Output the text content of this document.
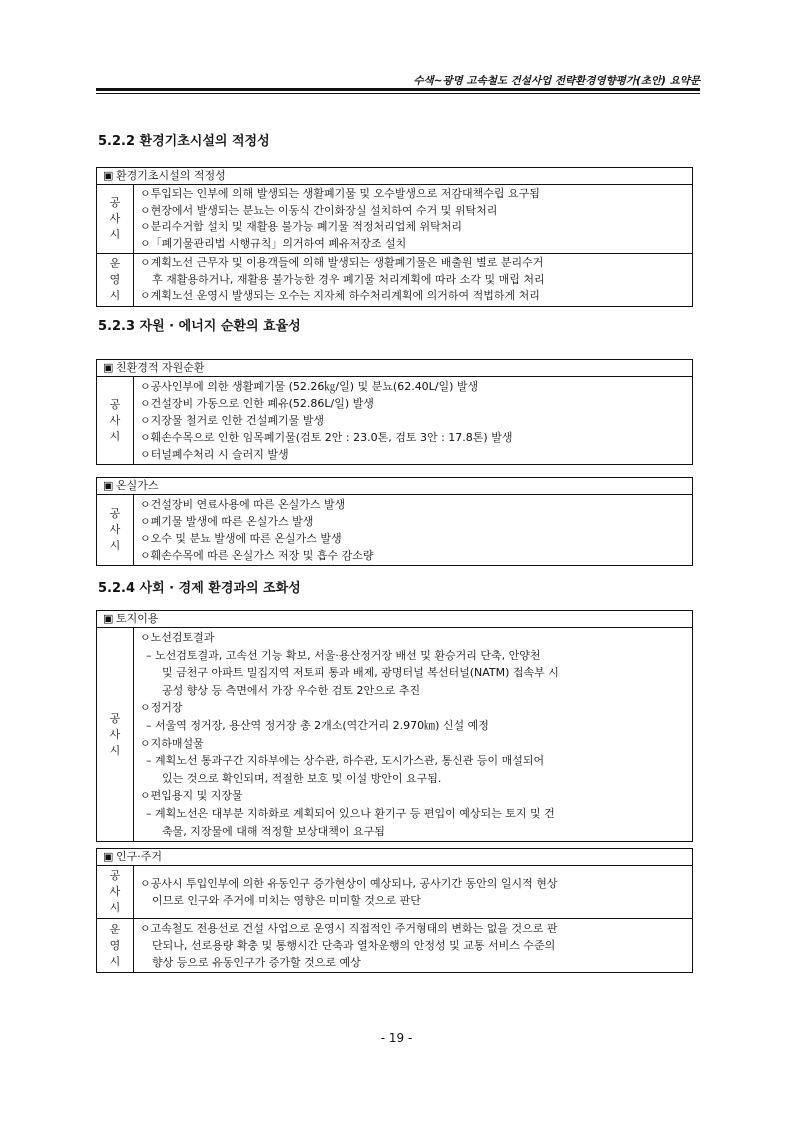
수색~광명 고속철도 건설사업 전략환경영향평가(초안) 요약문
5.2.2 환경기초시설의 적정성
▣ 환경기초시설의 적정성
공사시
ㅇ투입되는 인부에 의해 발생되는 생활폐기물 및 오수발생으로 저감대책수립 요구됨
ㅇ현장에서 발생되는 분뇨는 이동식 간이화장실 설치하여 수거 및 위탁처리
ㅇ분리수거함 설치 및 재활용 불가능 폐기물 적정처리업체 위탁처리
ㅇ「폐기물관리법 시행규칙」의거하여 폐유저장조 설치
운영시
ㅇ계획노선 근무자 및 이용객들에 의해 발생되는 생활폐기물은 배출원 별로 분리수거
후 재활용하거나, 재활용 불가능한 경우 폐기물 처리계획에 따라 소각 및 매립 처리
ㅇ계획노선 운영시 발생되는 오수는 지자체 하수처리계획에 의거하여 적법하게 처리
5.2.3 자원 · 에너지 순환의 효율성
▣ 친환경적 자원순환
공사시
ㅇ공사인부에 의한 생활폐기물 (52.26㎏/일) 및 분뇨(62.40L/일) 발생
ㅇ건설장비 가동으로 인한 폐유(52.86L/일) 발생
ㅇ지장물 철거로 인한 건설폐기물 발생
ㅇ훼손수목으로 인한 임목폐기물(검토 2안 : 23.0톤, 검토 3안 : 17.8톤) 발생
ㅇ터널폐수처리 시 슬러지 발생
▣ 온실가스
공사시
ㅇ건설장비 연료사용에 따른 온실가스 발생
ㅇ폐기물 발생에 따른 온실가스 발생
ㅇ오수 및 분뇨 발생에 따른 온실가스 발생
ㅇ훼손수목에 따른 온실가스 저장 및 흡수 감소량
5.2.4 사회 · 경제 환경과의 조화성
▣ 토지이용
공사시
ㅇ노선검토결과
– 노선검토결과, 고속선 기능 확보, 서울·용산정거장 배선 및 환승거리 단축, 안양천
및 금천구 아파트 밀집지역 저토피 통과 배제, 광명터널 복선터널(NATM) 접속부 시
공성 향상 등 측면에서 가장 우수한 검토 2안으로 추진
ㅇ정거장
– 서울역 정거장, 용산역 정거장 총 2개소(역간거리 2.970㎞) 신설 예정
ㅇ지하매설물
– 계획노선 통과구간 지하부에는 상수관, 하수관, 도시가스관, 통신관 등이 매설되어
있는 것으로 확인되며, 적절한 보호 및 이설 방안이 요구됨.
ㅇ편입용지 및 지장물
– 계획노선은 대부분 지하화로 계획되어 있으나 환기구 등 편입이 예상되는 토지 및 건
축물, 지장물에 대해 적정할 보상대책이 요구됨
▣ 인구·주거
공사시
ㅇ공사시 투입인부에 의한 유동인구 증가현상이 예상되나, 공사기간 동안의 일시적 현상
이므로 인구와 주거에 미치는 영향은 미미할 것으로 판단
운영시
ㅇ고속철도 전용선로 건설 사업으로 운영시 직접적인 주거형태의 변화는 없을 것으로 판
단되나, 선로용량 확충 및 통행시간 단축과 열차운행의 안정성 및 교통 서비스 수준의
향상 등으로 유동인구가 증가할 것으로 예상
- 19 -
